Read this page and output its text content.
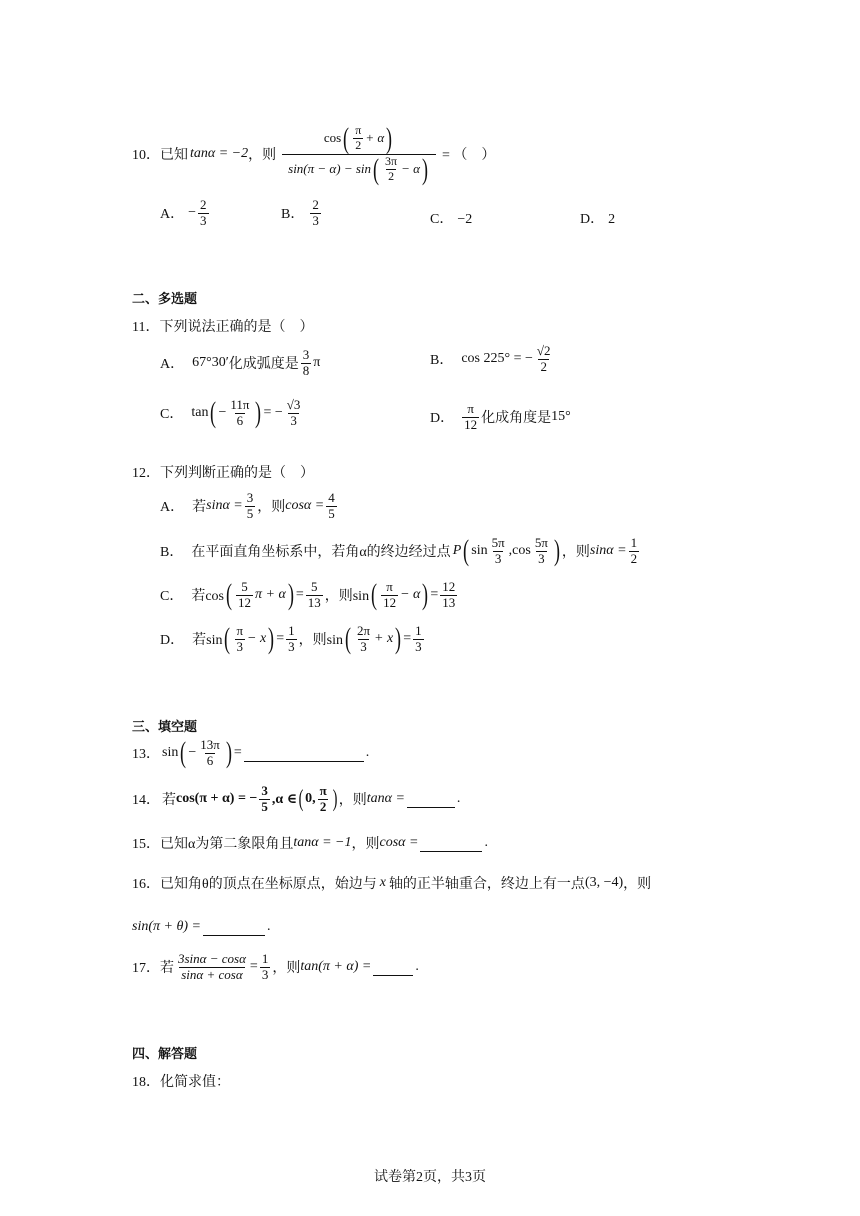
10． 已知 tanα = −2 ，则 $\frac{\cos ( \frac{\pi}{2} + \alpha )}{\sin(\pi - \alpha) - \sin ( \frac{3\pi}{2} - \alpha )}$ = （　）
A． − $\frac{2}{3}$	B． $\frac{2}{3}$	C． −2	D． 2
二、多选题
11．下列说法正确的是（　）
A． 67°30′ 化成弧度是 $\frac{3}{8}$ π	B． cos 225° = − $\frac{√2}{2}$
C． tan ( − $\frac{11\pi}{6}$ ) = − $\frac{√3}{3}$	D． $\frac{\pi}{12}$ 化成角度是 15°
12．下列判断正确的是（　）
A． 若 $\sin\alpha = \frac{3}{5}$ ，则 $\cos\alpha = \frac{4}{5}$
B． 在平面直角坐标系中，若角α的终边经过点 P ( $\sin \frac{5\pi}{3} ,\cos \frac{5\pi}{3}$ ) ，则 $\sin\alpha = \frac{1}{2}$
C． 若cos ( $\frac{5}{12}$ π + α ) = $\frac{5}{13}$ ，则sin ( $\frac{\pi}{12} - \alpha$ ) = $\frac{12}{13}$
D． 若sin ( $\frac{\pi}{3} - x$ ) = $\frac{1}{3}$ ，则sin ( $\frac{2\pi}{3} + x$ ) = $\frac{1}{3}$
三、填空题
13． sin ( − $\frac{13\pi}{6}$ ) =	.
14． 若 cos(π + α) = − $\frac{3}{5} ,\alpha$ ∈ ( 0, $\frac{\pi}{2}$ ) ，则 tanα =	.
15． 已知α为第二象限角且 tanα = −1 ，则 cosα =	.
16． 已知角θ的顶点在坐标原点，始边与 x 轴的正半轴重合，终边上有一点 (3, −4) ，则
sin(π + θ) =	.
17． 若 $\frac{3\sin\alpha - \cos\alpha}{\sin\alpha + \cos\alpha} = \frac{1}{3}$ ，则 tan(π + α) =	.
四、解答题
18．化简求值：
试卷第2页，共3页
